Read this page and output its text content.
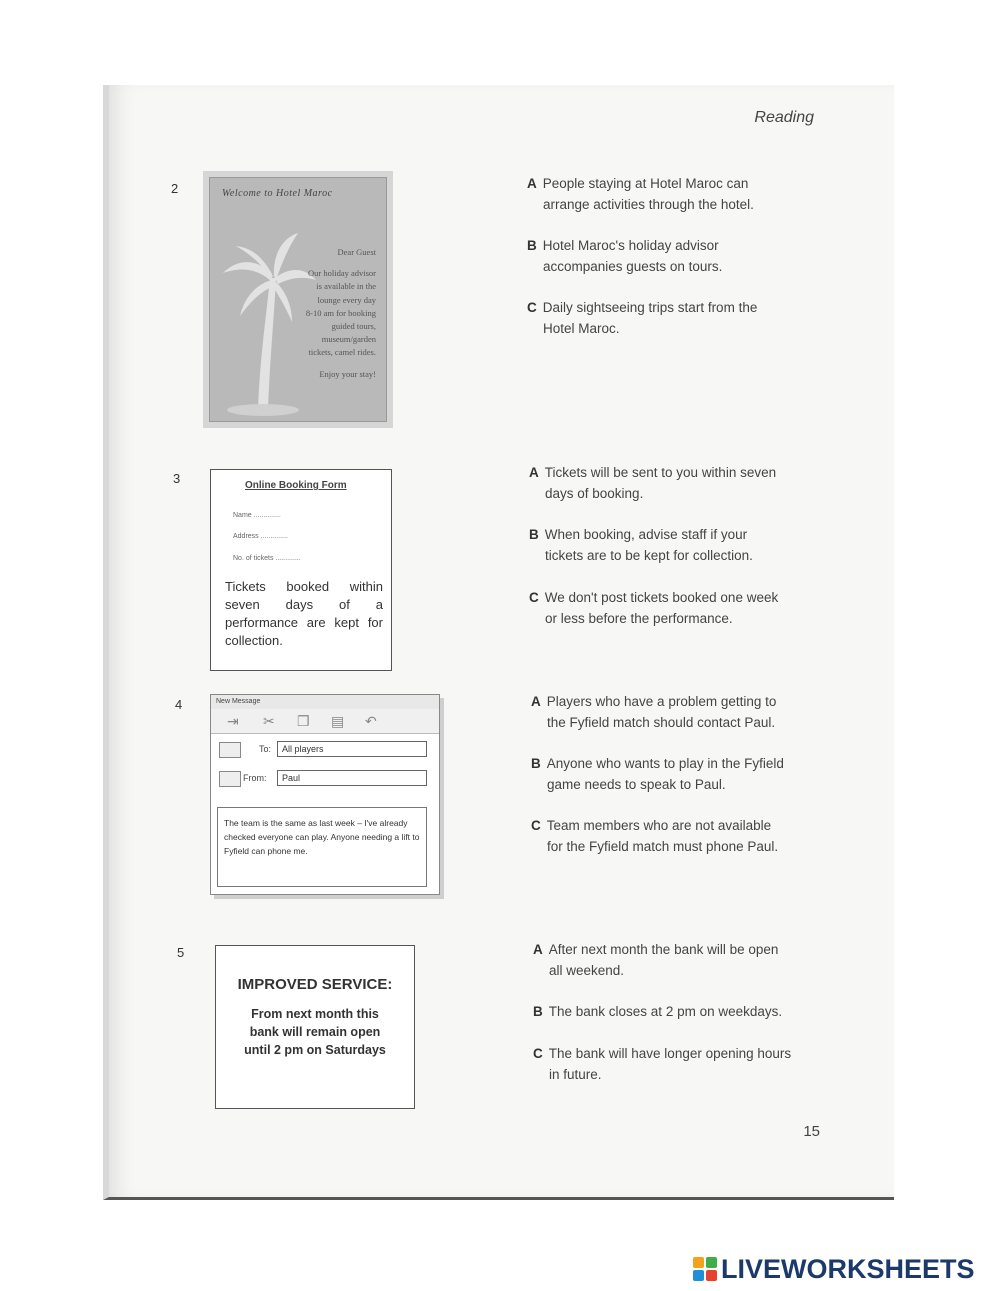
Reading
2	Welcome to Hotel Maroc

Dear Guest

Our holiday advisor
is available in the
lounge every day
8-10 am for booking
guided tours,
museum/garden
tickets, camel rides.

Enjoy your stay!

A People staying at Hotel Maroc can
arrange activities through the hotel.
B Hotel Maroc's holiday advisor
accompanies guests on tours.
C Daily sightseeing trips start from the
Hotel Maroc.
3	Online Booking Form
Name ..............
Address ..............
No. of tickets .............
Tickets booked within seven days of a performance are kept for collection.
A Tickets will be sent to you within seven
days of booking.
B When booking, advise staff if your
tickets are to be kept for collection.
C We don't post tickets booked one week
or less before the performance.
4	New Message
⇥ ✂ ❐ ▤ ↶
To:	All players
From:	Paul
The team is the same as last week – I've already checked everyone can play. Anyone needing a lift to Fyfield can phone me.
A Players who have a problem getting to
the Fyfield match should contact Paul.
B Anyone who wants to play in the Fyfield
game needs to speak to Paul.
C Team members who are not available
for the Fyfield match must phone Paul.
5
IMPROVED SERVICE:
From next month this
bank will remain open
until 2 pm on Saturdays
A After next month the bank will be open
all weekend.
B The bank closes at 2 pm on weekdays.
C The bank will have longer opening hours
in future.
15
LIVEWORKSHEETS
